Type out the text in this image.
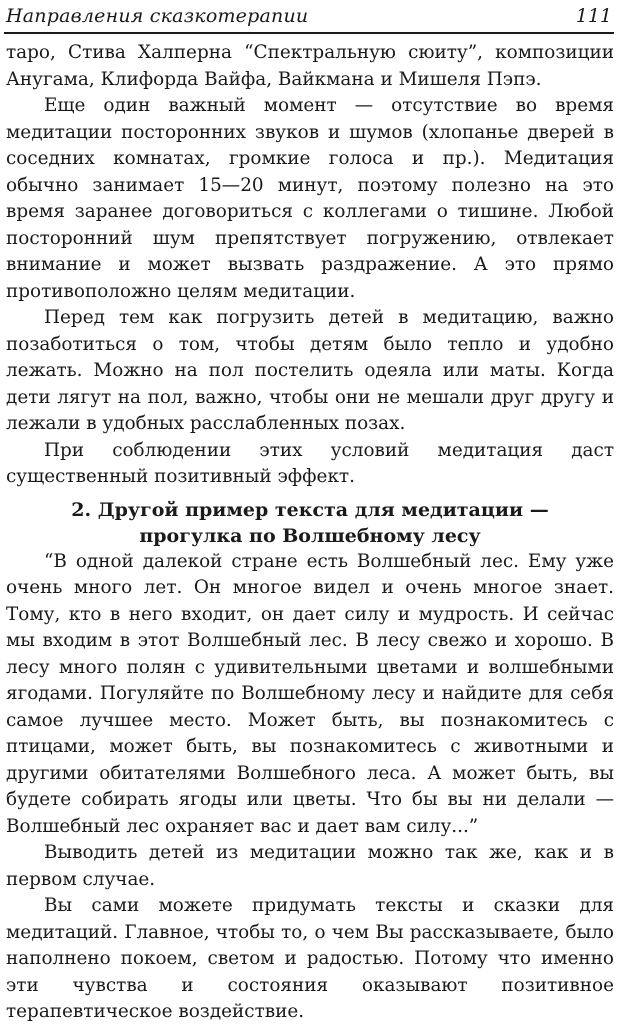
Направления сказкотерапии	111

таро, Стива Халперна “Спектральную сюиту”, композиции Анугама, Клифорда Вайфа, Вайкмана и Мишеля Пэпэ.

Еще один важный момент — отсутствие во время медитации посторонних звуков и шумов (хлопанье дверей в соседних комнатах, громкие голоса и пр.). Медитация обычно занимает 15—20 минут, поэтому полезно на это время заранее договориться с коллегами о тишине. Любой посторонний шум препятствует погружению, отвлекает внимание и может вызвать раздражение. А это прямо противоположно целям медитации.

Перед тем как погрузить детей в медитацию, важно позаботиться о том, чтобы детям было тепло и удобно лежать. Можно на пол постелить одеяла или маты. Когда дети лягут на пол, важно, чтобы они не мешали друг другу и лежали в удобных расслабленных позах.

При соблюдении этих условий медитация даст существенный позитивный эффект.

2. Другой пример текста для медитации —
прогулка по Волшебному лесу

“В одной далекой стране есть Волшебный лес. Ему уже очень много лет. Он многое видел и очень многое знает. Тому, кто в него входит, он дает силу и мудрость. И сейчас мы входим в этот Волшебный лес. В лесу свежо и хорошо. В лесу много полян с удивительными цветами и волшебными ягодами. Погуляйте по Волшебному лесу и найдите для себя самое лучшее место. Может быть, вы познакомитесь с птицами, может быть, вы познакомитесь с животными и другими обитателями Волшебного леса. А может быть, вы будете собирать ягоды или цветы. Что бы вы ни делали — Волшебный лес охраняет вас и дает вам силу...”

Выводить детей из медитации можно так же, как и в первом случае.

Вы сами можете придумать тексты и сказки для медитаций. Главное, чтобы то, о чем Вы рассказываете, было наполнено покоем, светом и радостью. Потому что именно эти чувства и состояния оказывают позитивное терапевтическое воздействие.
